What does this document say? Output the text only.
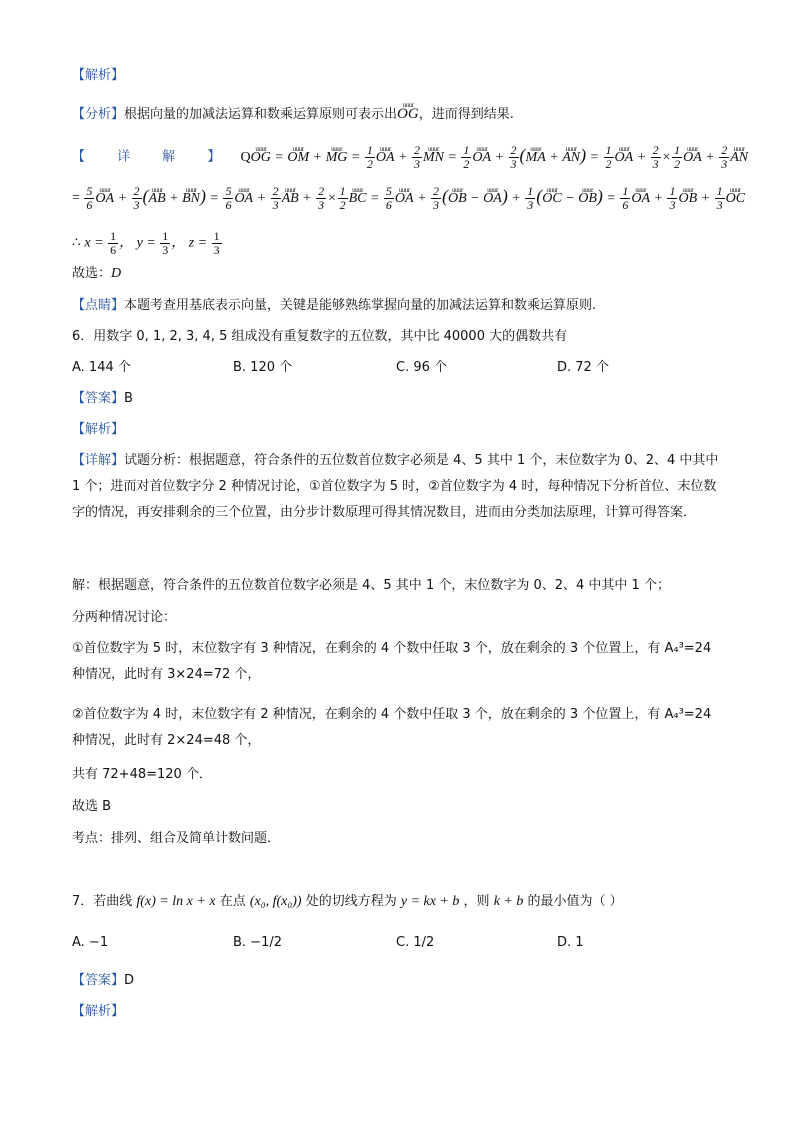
【解析】
【分析】根据向量的加减法运算和数乘运算原则可表示出uuur OG，进而得到结果.
【 详 解 】 Quuur OG = uuur OM + uuur MG = $\frac{1}{2}$ uuur OA + $\frac{2}{3}$ uuur MN = $\frac{1}{2}$ uuur OA + $\frac{2}{3}$ (uuur MA + uuur $AN) = \frac{1}{2}$ uuur OA + $\frac{2}{3} \times \frac{1}{2}$ uuur OA + $\frac{2}{3}$ uuur AN
= $\frac{5}{6}$ uuur OA + $\frac{2}{3}$ (uuur AB + uuur $BN) = \frac{5}{6}$ uuur OA + $\frac{2}{3}$ uuur AB + $\frac{2}{3} \times \frac{1}{2}$ uuur BC = $\frac{5}{6}$ uuur OA + $\frac{2}{3}$ (uuur OB − uuur $OA) + \frac{1}{3}$ (uuur OC − uuur $OB) = \frac{1}{6}$ uuur OA + $\frac{1}{3}$ uuur OB + $\frac{1}{3}$ uuur OC
∴ $x = \frac{1}{6}$ ， $y = \frac{1}{3}$ ， $z = \frac{1}{3}$
故选：D
【点睛】本题考查用基底表示向量，关键是能够熟练掌握向量的加减法运算和数乘运算原则.
6．用数字 0, 1, 2, 3, 4, 5 组成没有重复数字的五位数，其中比 40000 大的偶数共有
A. 144 个	B. 120 个	C. 96 个	D. 72 个
【答案】B
【解析】
【详解】试题分析：根据题意，符合条件的五位数首位数字必须是 4、5 其中 1 个，末位数字为 0、2、4 中其中 1 个；进而对首位数字分 2 种情况讨论，①首位数字为 5 时，②首位数字为 4 时，每种情况下分析首位、末位数字的情况，再安排剩余的三个位置，由分步计数原理可得其情况数目，进而由分类加法原理，计算可得答案．
解：根据题意，符合条件的五位数首位数字必须是 4、5 其中 1 个，末位数字为 0、2、4 中其中 1 个；
分两种情况讨论：
①首位数字为 5 时，末位数字有 3 种情况，在剩余的 4 个数中任取 3 个，放在剩余的 3 个位置上，有 A₄³=24 种情况，此时有 3×24=72 个，
②首位数字为 4 时，末位数字有 2 种情况，在剩余的 4 个数中任取 3 个，放在剩余的 3 个位置上，有 A₄³=24 种情况，此时有 2×24=48 个，
共有 72+48=120 个．
故选 B
考点：排列、组合及简单计数问题．
7．若曲线 f(x) = ln x + x 在点 (x₀, f(x₀)) 处的切线方程为 y = kx + b ，则 k + b 的最小值为（ ）
A. −1	B. −1/2	C. 1/2	D. 1
【答案】D
【解析】
